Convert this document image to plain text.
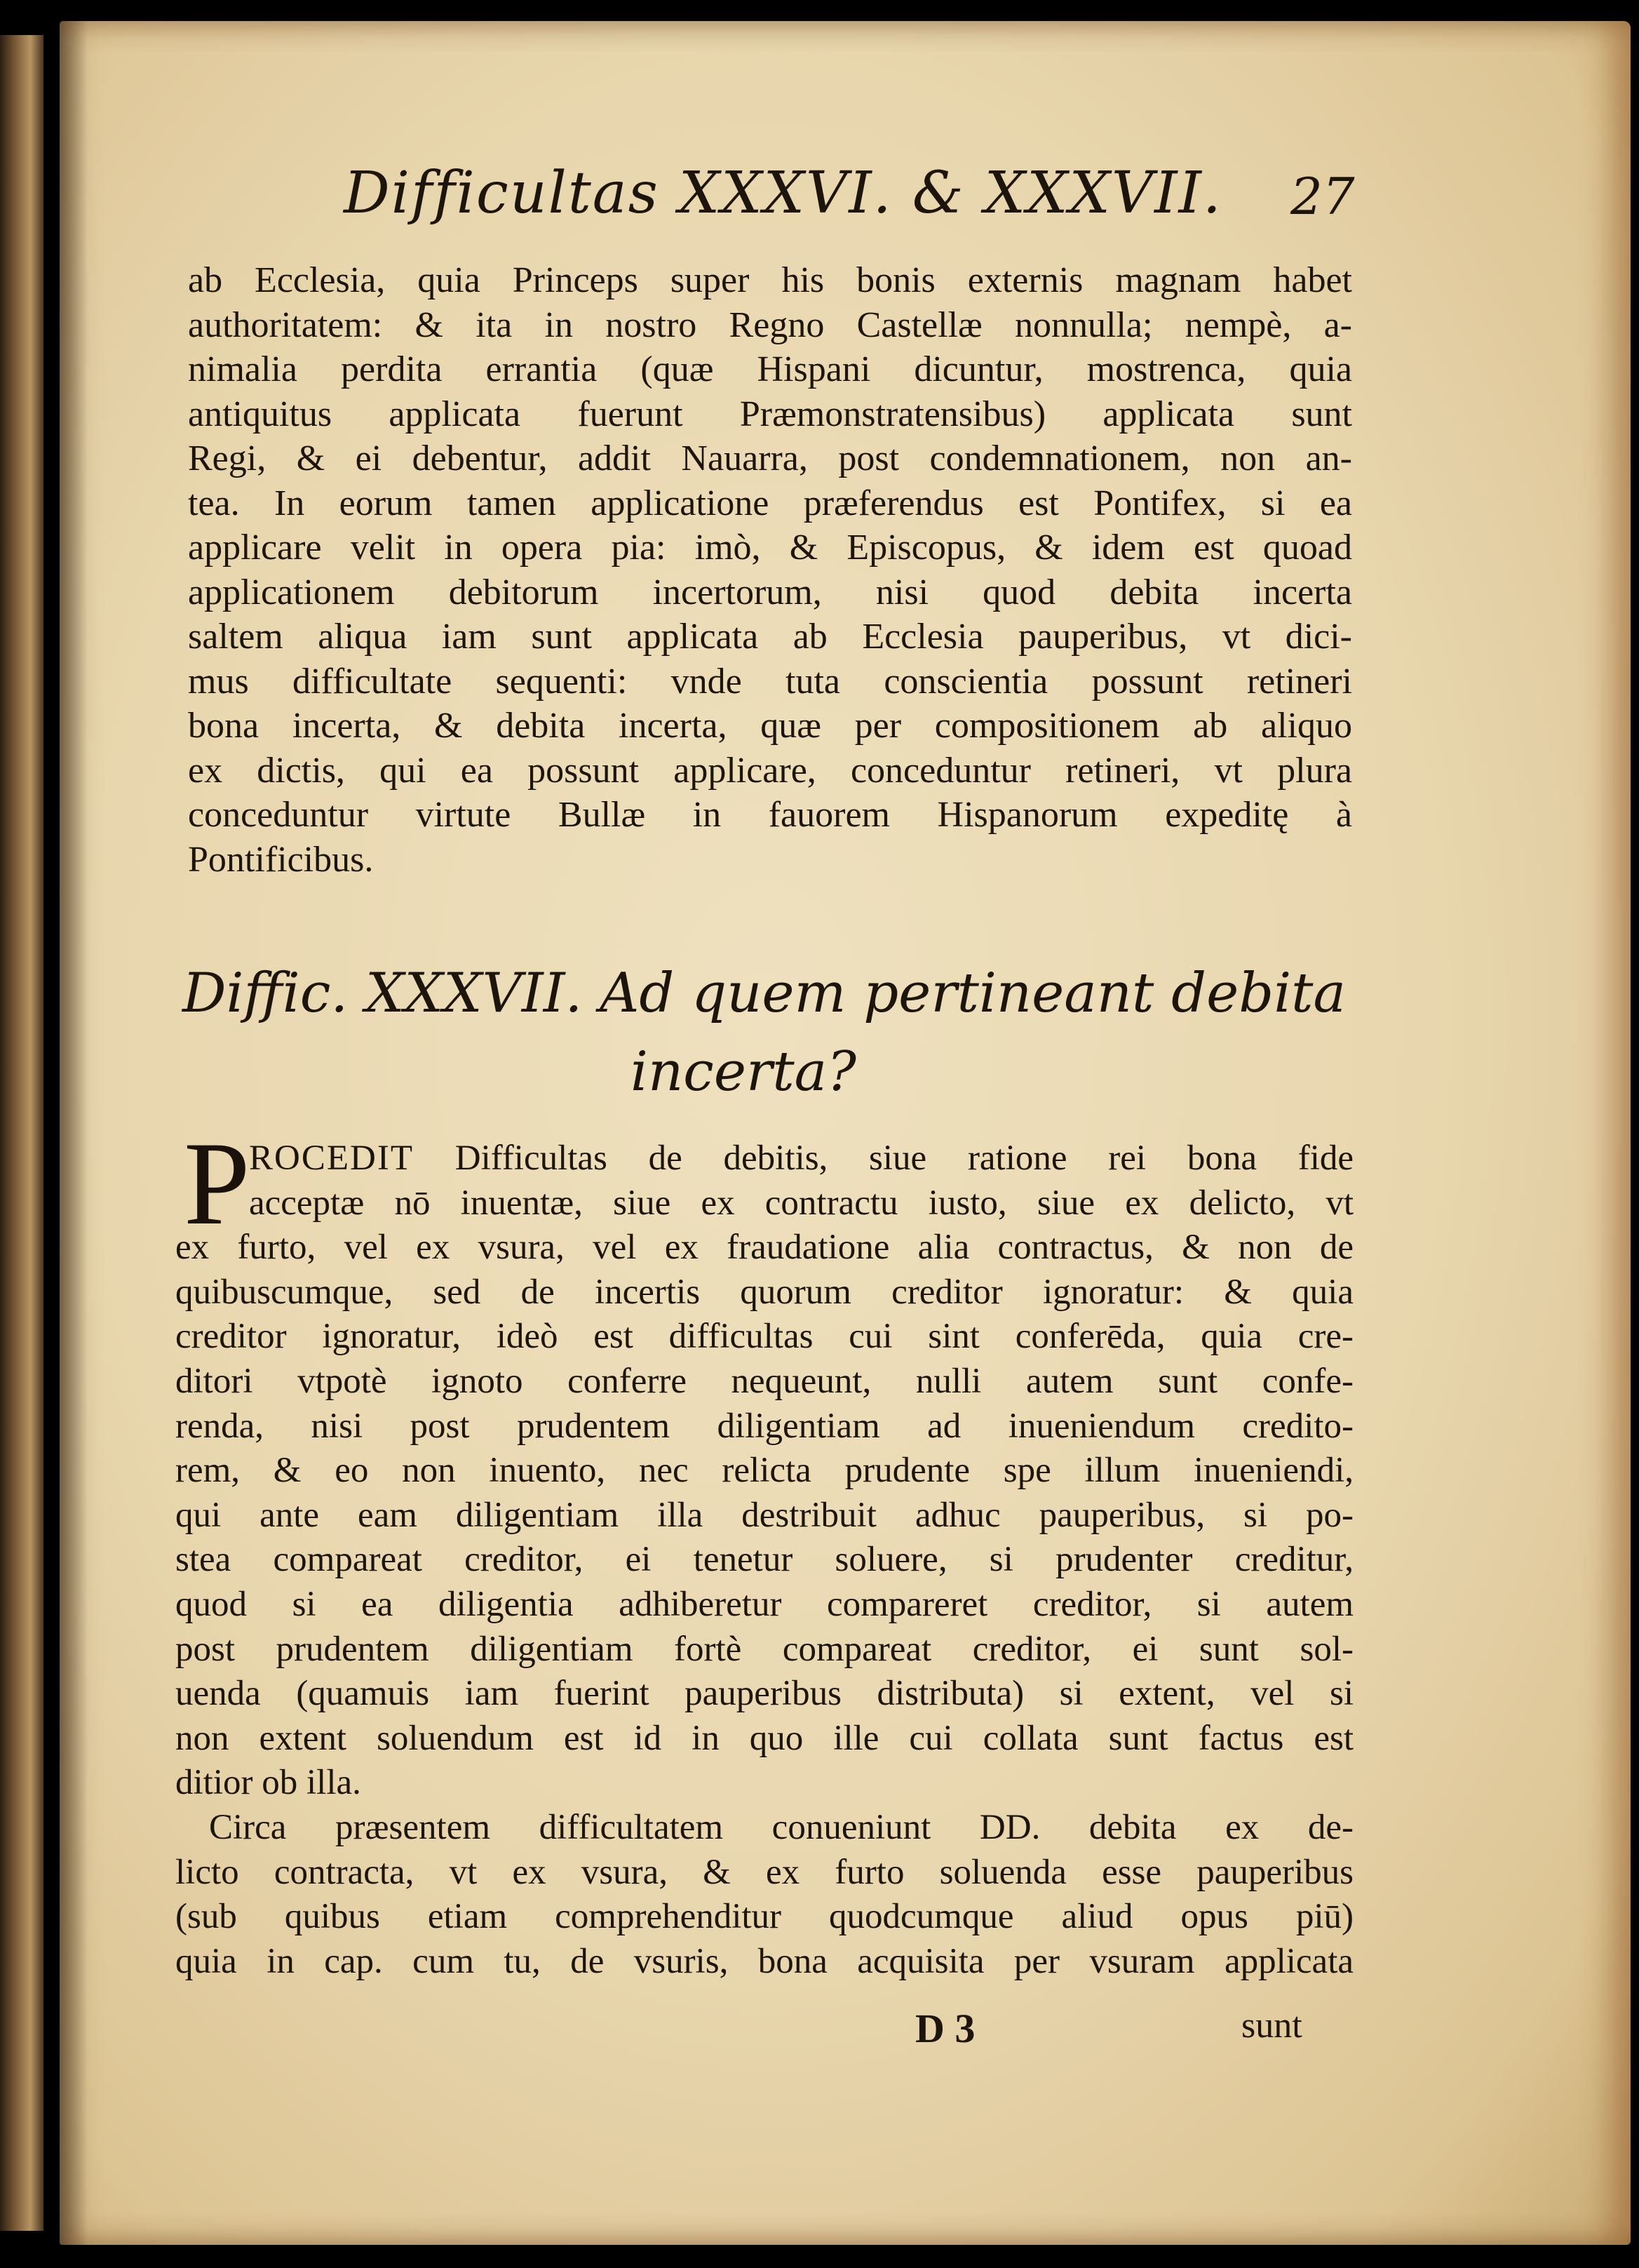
Difficultas XXXVI. & XXXVII. 27
ab Ecclesia, quia Princeps super his bonis externis magnam habet
authoritatem: & ita in nostro Regno Castellæ nonnulla; nempè, a-
nimalia perdita errantia (quæ Hispani dicuntur, mostrenca, quia
antiquitus applicata fuerunt Præmonstratensibus) applicata sunt
Regi, & ei debentur, addit Nauarra, post condemnationem, non an-
tea. In eorum tamen applicatione præferendus est Pontifex, si ea
applicare velit in opera pia: imò, & Episcopus, & idem est quoad
applicationem debitorum incertorum, nisi quod debita incerta
saltem aliqua iam sunt applicata ab Ecclesia pauperibus, vt dici-
mus difficultate sequenti: vnde tuta conscientia possunt retineri
bona incerta, & debita incerta, quæ per compositionem ab aliquo
ex dictis, qui ea possunt applicare, conceduntur retineri, vt plura
conceduntur virtute Bullæ in fauorem Hispanorum expeditę à
Pontificibus.
Diffic. XXXVII. Ad quem pertineant debita
incerta?
P
ROCEDIT Difficultas de debitis, siue ratione rei bona fide
acceptæ nō inuentæ, siue ex contractu iusto, siue ex delicto, vt
ex furto, vel ex vsura, vel ex fraudatione alia contractus, & non de
quibuscumque, sed de incertis quorum creditor ignoratur: & quia
creditor ignoratur, ideò est difficultas cui sint conferēda, quia cre-
ditori vtpotè ignoto conferre nequeunt, nulli autem sunt confe-
renda, nisi post prudentem diligentiam ad inueniendum credito-
rem, & eo non inuento, nec relicta prudente spe illum inueniendi,
qui ante eam diligentiam illa destribuit adhuc pauperibus, si po-
stea compareat creditor, ei tenetur soluere, si prudenter creditur,
quod si ea diligentia adhiberetur compareret creditor, si autem
post prudentem diligentiam fortè compareat creditor, ei sunt sol-
uenda (quamuis iam fuerint pauperibus distributa) si extent, vel si
non extent soluendum est id in quo ille cui collata sunt factus est
ditior ob illa.
Circa præsentem difficultatem conueniunt DD. debita ex de-
licto contracta, vt ex vsura, & ex furto soluenda esse pauperibus
(sub quibus etiam comprehenditur quodcumque aliud opus piū)
quia in cap. cum tu, de vsuris, bona acquisita per vsuram applicata
D 3	sunt
